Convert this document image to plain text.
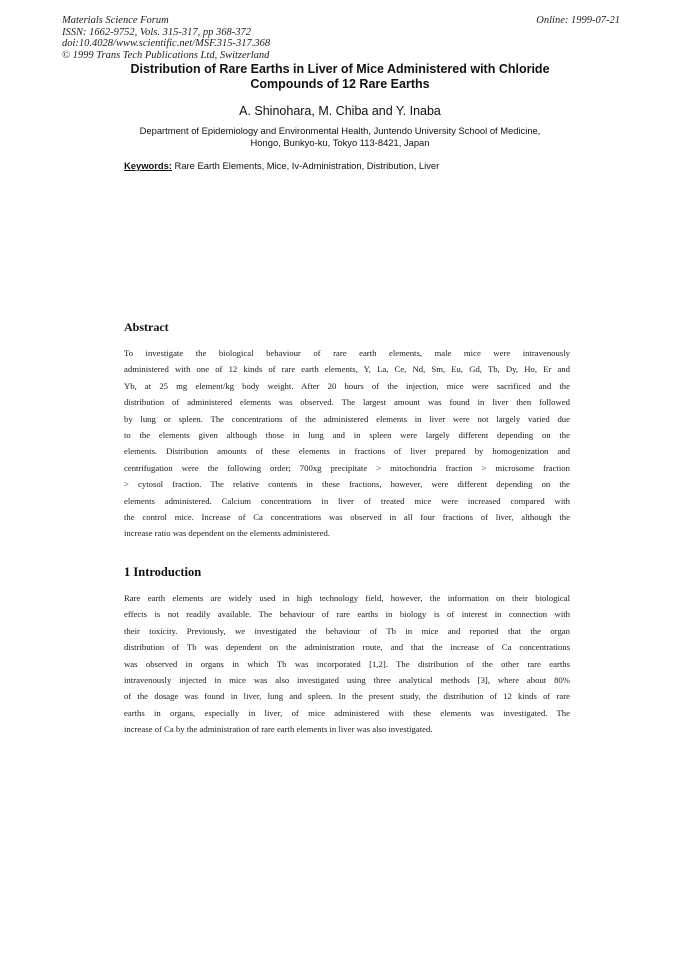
Materials Science Forum
ISSN: 1662-9752, Vols. 315-317, pp 368-372
doi:10.4028/www.scientific.net/MSF.315-317.368
© 1999 Trans Tech Publications Ltd, Switzerland
Online: 1999-07-21
Distribution of Rare Earths in Liver of Mice Administered with Chloride
Compounds of 12 Rare Earths
A. Shinohara, M. Chiba and Y. Inaba
Department of Epidemiology and Environmental Health, Juntendo University School of Medicine,
Hongo, Bunkyo-ku, Tokyo 113-8421, Japan
Keywords: Rare Earth Elements, Mice, Iv-Administration, Distribution, Liver
Abstract
To investigate the biological behaviour of rare earth elements, male mice were intravenously
administered with one of 12 kinds of rare earth elements, Y, La, Ce, Nd, Sm, Eu, Gd, Tb, Dy, Ho, Er and
Yb, at 25 mg element/kg body weight. After 20 hours of the injection, mice were sacrificed and the
distribution of administered elements was observed. The largest amount was found in liver then followed
by lung or spleen. The concentrations of the administered elements in liver were not largely varied due
to the elements given although those in lung and in spleen were largely different depending on the
elements. Distribution amounts of these elements in fractions of liver prepared by homogenization and
centrifugation were the following order; 700xg precipitate > mitochondria fraction > microsome fraction
> cytosol fraction. The relative contents in these fractions, however, were different depending on the
elements administered. Calcium concentrations in liver of treated mice were increased compared with
the control mice. Increase of Ca concentrations was observed in all four fractions of liver, although the
increase ratio was dependent on the elements administered.
1 Introduction
Rare earth elements are widely used in high technology field, however, the information on their biological
effects is not readily available. The behaviour of rare earths in biology is of interest in connection with
their toxicity. Previously, we investigated the behaviour of Tb in mice and reported that the organ
distribution of Tb was dependent on the administration route, and that the increase of Ca concentrations
was observed in organs in which Tb was incorporated [1,2]. The distribution of the other rare earths
intravenously injected in mice was also investigated using three analytical methods [3], where about 80%
of the dosage was found in liver, lung and spleen. In the present study, the distribution of 12 kinds of rare
earths in organs, especially in liver, of mice administered with these elements was investigated. The
increase of Ca by the administration of rare earth elements in liver was also investigated.
